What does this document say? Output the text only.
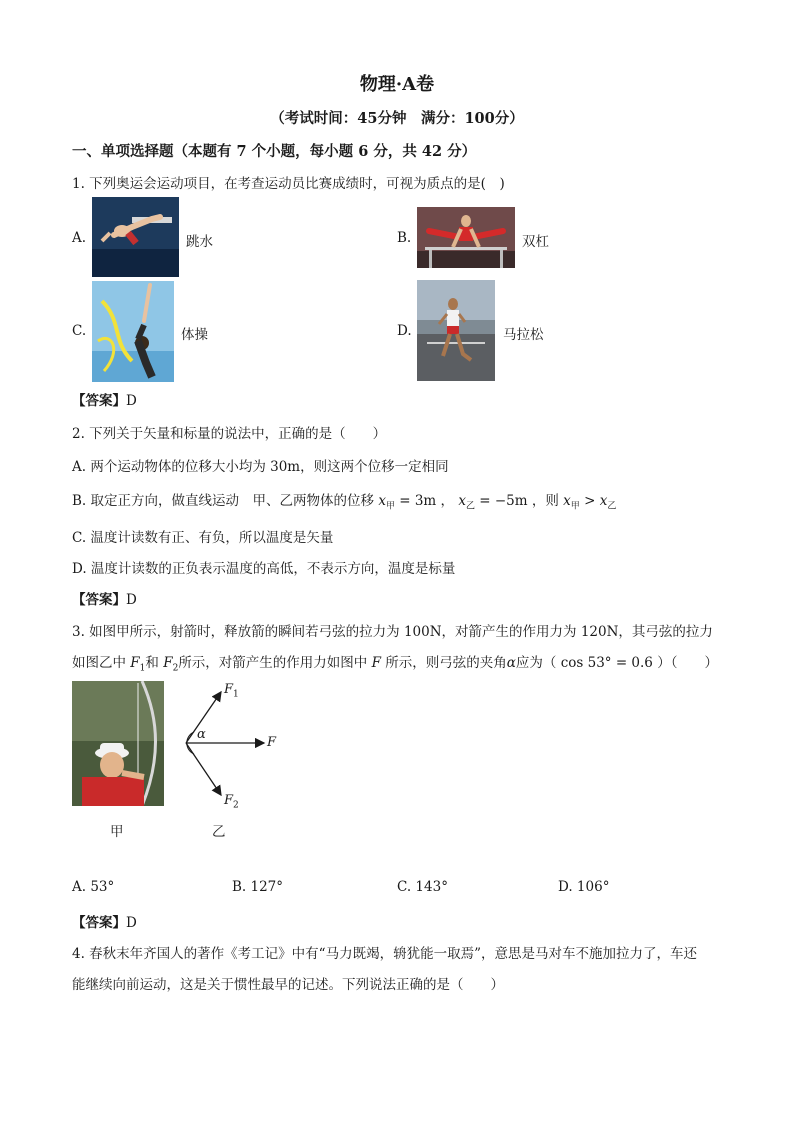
物理·A卷
（考试时间：45分钟　满分：100分）
一、单项选择题（本题有 7 个小题，每小题 6 分，共 42 分）
1. 下列奥运会运动项目，在考查运动员比赛成绩时，可视为质点的是(　)
A.	跳水	B.	双杠
C.	体操	D.	马拉松
【答案】D
2. 下列关于矢量和标量的说法中，正确的是（　　）
A. 两个运动物体的位移大小均为 30m，则这两个位移一定相同
B. 取定正方向，做直线运动　甲、乙两物体的位移 $x_甲 = 3m$ ， $x_乙 = -5m$ ，则 $x_甲 > x_乙$
C. 温度计读数有正、有负，所以温度是矢量
D. 温度计读数的正负表示温度的高低，不表示方向，温度是标量
【答案】D
3. 如图甲所示，射箭时，释放箭的瞬间若弓弦的拉力为 100N，对箭产生的作用力为 120N，其弓弦的拉力
如图乙中 $F_1$和 $F_2$所示，对箭产生的作用力如图中 F 所示，则弓弦的夹角α应为（ cos 53° = 0.6 ）（　　）
甲
$F_1$
α
F
$F_2$
乙
A. 53°	B. 127°	C. 143°	D. 106°
【答案】D
4. 春秋末年齐国人的著作《考工记》中有“马力既竭，辀犹能一取焉”，意思是马对车不施加拉力了，车还
能继续向前运动，这是关于惯性最早的记述。下列说法正确的是（　　）
